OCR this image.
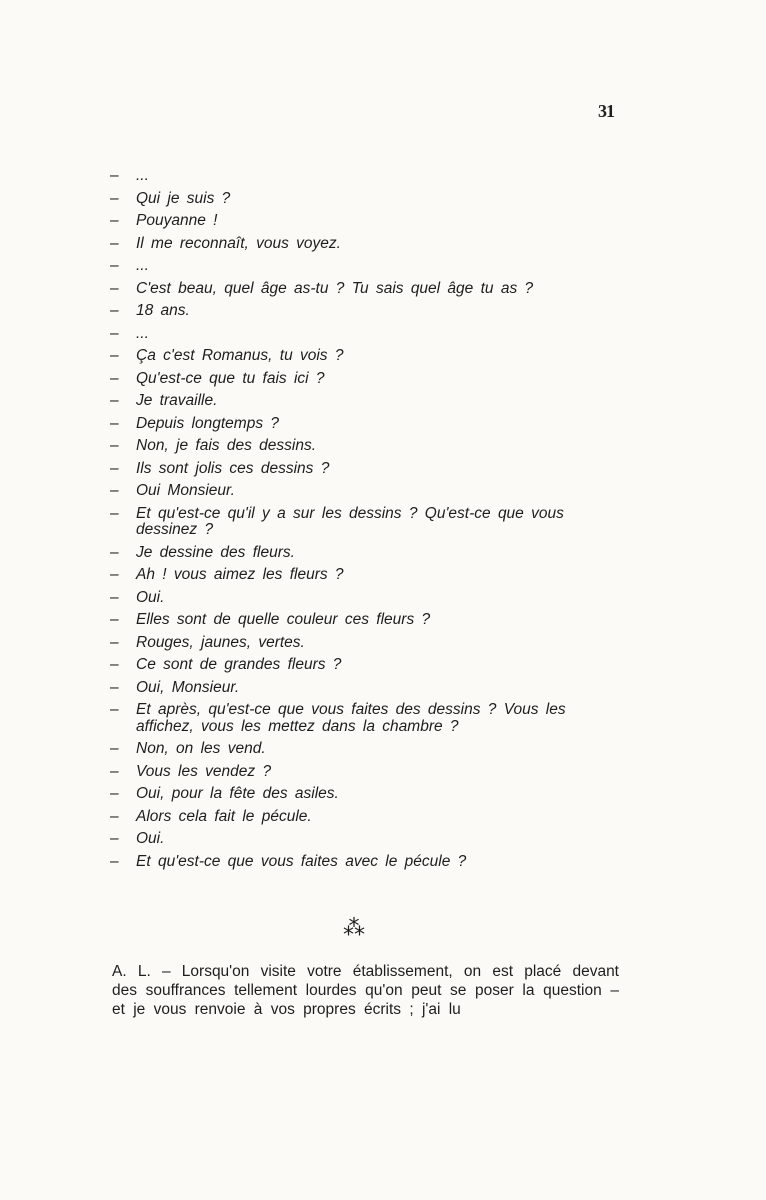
31
–	...
–	Qui je suis ?
–	Pouyanne !
–	Il me reconnaît, vous voyez.
–	...
–	C'est beau, quel âge as-tu ? Tu sais quel âge tu as ?
–	18 ans.
–	...
–	Ça c'est Romanus, tu vois ?
–	Qu'est-ce que tu fais ici ?
–	Je travaille.
–	Depuis longtemps ?
–	Non, je fais des dessins.
–	Ils sont jolis ces dessins ?
–	Oui Monsieur.
–	Et qu'est-ce qu'il y a sur les dessins ? Qu'est-ce que vous dessinez ?
–	Je dessine des fleurs.
–	Ah ! vous aimez les fleurs ?
–	Oui.
–	Elles sont de quelle couleur ces fleurs ?
–	Rouges, jaunes, vertes.
–	Ce sont de grandes fleurs ?
–	Oui, Monsieur.
–	Et après, qu'est-ce que vous faites des dessins ? Vous les affichez, vous les mettez dans la chambre ?
–	Non, on les vend.
–	Vous les vendez ?
–	Oui, pour la fête des asiles.
–	Alors cela fait le pécule.
–	Oui.
–	Et qu'est-ce que vous faites avec le pécule ?
⁂

A. L. – Lorsqu'on visite votre établissement, on est placé devant des souffrances tellement lourdes qu'on peut se poser la question – et je vous renvoie à vos propres écrits ; j'ai lu
